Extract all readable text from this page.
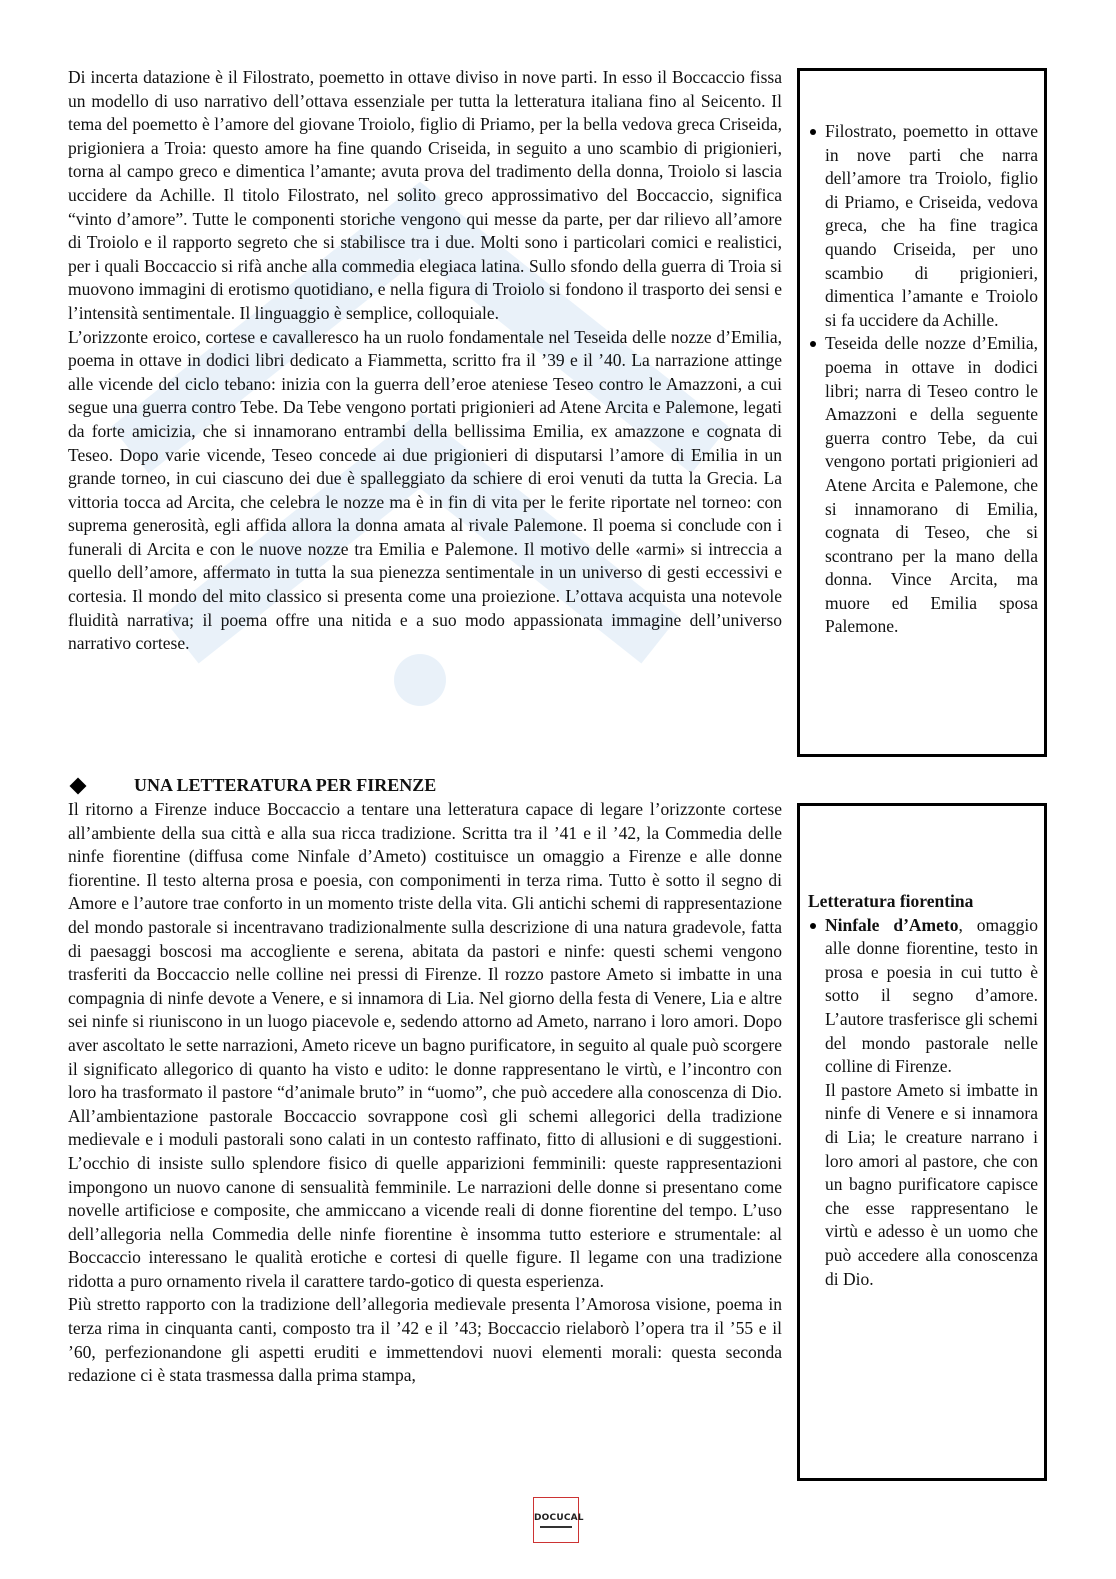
Di incerta datazione è il Filostrato, poemetto in ottave diviso in nove parti. In esso il Boccaccio fissa un modello di uso narrativo dell’ottava essenziale per tutta la letteratura italiana fino al Seicento. Il tema del poemetto è l’amore del giovane Troiolo, figlio di Priamo, per la bella vedova greca Criseida, prigioniera a Troia: questo amore ha fine quando Criseida, in seguito a uno scambio di prigionieri, torna al campo greco e dimentica l’amante; avuta prova del tradimento della donna, Troiolo si lascia uccidere da Achille. Il titolo Filostrato, nel solito greco approssimativo del Boccaccio, significa “vinto d’amore”. Tutte le componenti storiche vengono qui messe da parte, per dar rilievo all’amore di Troiolo e il rapporto segreto che si stabilisce tra i due. Molti sono i particolari comici e realistici, per i quali Boccaccio si rifà anche alla commedia elegiaca latina. Sullo sfondo della guerra di Troia si muovono immagini di erotismo quotidiano, e nella figura di Troiolo si fondono il trasporto dei sensi e l’intensità sentimentale. Il linguaggio è semplice, colloquiale.

L’orizzonte eroico, cortese e cavalleresco ha un ruolo fondamentale nel Teseida delle nozze d’Emilia, poema in ottave in dodici libri dedicato a Fiammetta, scritto fra il ’39 e il ’40. La narrazione attinge alle vicende del ciclo tebano: inizia con la guerra dell’eroe ateniese Teseo contro le Amazzoni, a cui segue una guerra contro Tebe. Da Tebe vengono portati prigionieri ad Atene Arcita e Palemone, legati da forte amicizia, che si innamorano entrambi della bellissima Emilia, ex amazzone e cognata di Teseo. Dopo varie vicende, Teseo concede ai due prigionieri di disputarsi l’amore di Emilia in un grande torneo, in cui ciascuno dei due è spalleggiato da schiere di eroi venuti da tutta la Grecia. La vittoria tocca ad Arcita, che celebra le nozze ma è in fin di vita per le ferite riportate nel torneo: con suprema generosità, egli affida allora la donna amata al rivale Palemone. Il poema si conclude con i funerali di Arcita e con le nuove nozze tra Emilia e Palemone. Il motivo delle «armi» si intreccia a quello dell’amore, affermato in tutta la sua pienezza sentimentale in un universo di gesti eccessivi e cortesia. Il mondo del mito classico si presenta come una proiezione. L’ottava acquista una notevole fluidità narrativa; il poema offre una nitida e a suo modo appassionata immagine dell’universo narrativo cortese.

UNA LETTERATURA PER FIRENZE

Il ritorno a Firenze induce Boccaccio a tentare una letteratura capace di legare l’orizzonte cortese all’ambiente della sua città e alla sua ricca tradizione. Scritta tra il ’41 e il ’42, la Commedia delle ninfe fiorentine (diffusa come Ninfale d’Ameto) costituisce un omaggio a Firenze e alle donne fiorentine. Il testo alterna prosa e poesia, con componimenti in terza rima. Tutto è sotto il segno di Amore e l’autore trae conforto in un momento triste della vita. Gli antichi schemi di rappresentazione del mondo pastorale si incentravano tradizionalmente sulla descrizione di una natura gradevole, fatta di paesaggi boscosi ma accogliente e serena, abitata da pastori e ninfe: questi schemi vengono trasferiti da Boccaccio nelle colline nei pressi di Firenze. Il rozzo pastore Ameto si imbatte in una compagnia di ninfe devote a Venere, e si innamora di Lia. Nel giorno della festa di Venere, Lia e altre sei ninfe si riuniscono in un luogo piacevole e, sedendo attorno ad Ameto, narrano i loro amori. Dopo aver ascoltato le sette narrazioni, Ameto riceve un bagno purificatore, in seguito al quale può scorgere il significato allegorico di quanto ha visto e udito: le donne rappresentano le virtù, e l’incontro con loro ha trasformato il pastore “d’animale bruto” in “uomo”, che può accedere alla conoscenza di Dio. All’ambientazione pastorale Boccaccio sovrappone così gli schemi allegorici della tradizione medievale e i moduli pastorali sono calati in un contesto raffinato, fitto di allusioni e di suggestioni. L’occhio di insiste sullo splendore fisico di quelle apparizioni femminili: queste rappresentazioni impongono un nuovo canone di sensualità femminile. Le narrazioni delle donne si presentano come novelle artificiose e composite, che ammiccano a vicende reali di donne fiorentine del tempo. L’uso dell’allegoria nella Commedia delle ninfe fiorentine è insomma tutto esteriore e strumentale: al Boccaccio interessano le qualità erotiche e cortesi di quelle figure. Il legame con una tradizione ridotta a puro ornamento rivela il carattere tardo-gotico di questa esperienza.

Più stretto rapporto con la tradizione dell’allegoria medievale presenta l’Amorosa visione, poema in terza rima in cinquanta canti, composto tra il ’42 e il ’43; Boccaccio rielaborò l’opera tra il ’55 e il ’60, perfezionandone gli aspetti eruditi e immettendovi nuovi elementi morali: questa seconda redazione ci è stata trasmessa dalla prima stampa,

Filostrato, poemetto in ottave in nove parti che narra dell’amore tra Troiolo, figlio di Priamo, e Criseida, vedova greca, che ha fine tragica quando Criseida, per uno scambio di prigionieri, dimentica l’amante e Troiolo si fa uccidere da Achille.
Teseida delle nozze d’Emilia, poema in ottave in dodici libri; narra di Teseo contro le Amazzoni e della seguente guerra contro Tebe, da cui vengono portati prigionieri ad Atene Arcita e Palemone, che si innamorano di Emilia, cognata di Teseo, che si scontrano per la mano della donna. Vince Arcita, ma muore ed Emilia sposa Palemone.

Letteratura fiorentina

Ninfale d’Ameto, omaggio alle donne fiorentine, testo in prosa e poesia in cui tutto è sotto il segno d’amore. L’autore trasferisce gli schemi del mondo pastorale nelle colline di Firenze.

Il pastore Ameto si imbatte in ninfe di Venere e si innamora di Lia; le creature narrano i loro amori al pastore, che con un bagno purificatore capisce che esse rappresentano le virtù e adesso è un uomo che può accedere alla conoscenza di Dio.

DOCUCAL
